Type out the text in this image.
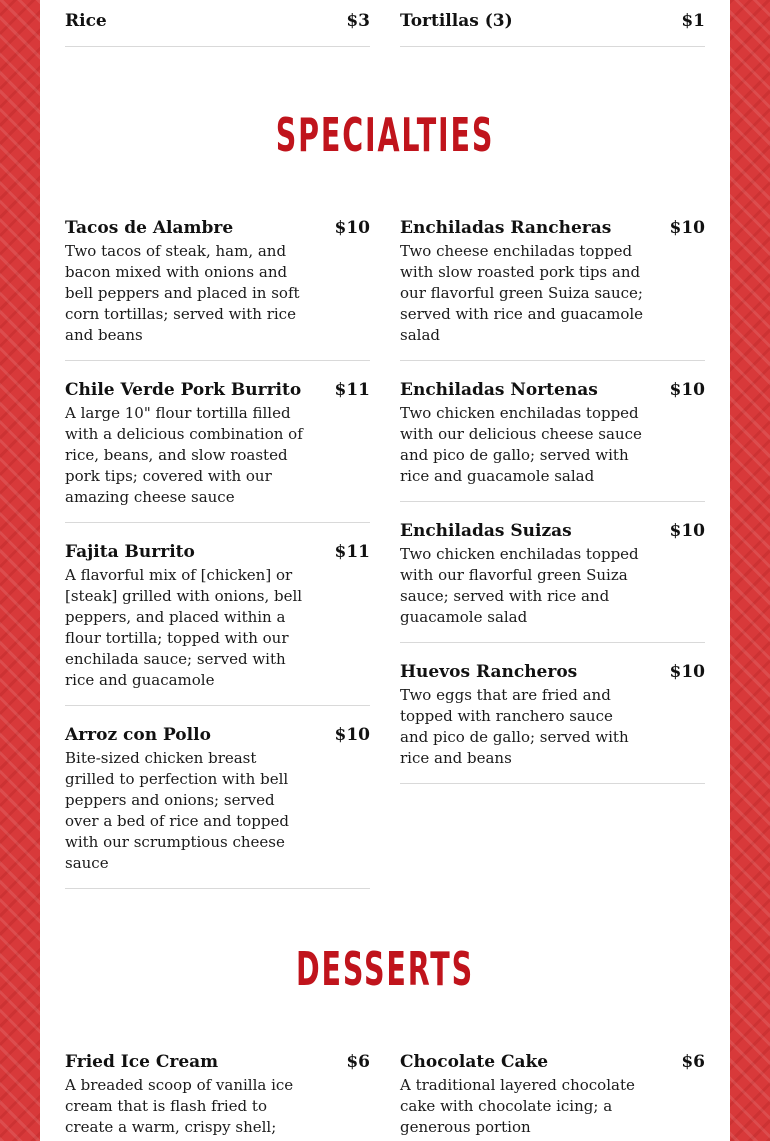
Rice	$3 Tortillas (3)	$1
SPECIALTIES
Tacos de Alambre	$10
Two tacos of steak, ham, and bacon mixed with onions and bell peppers and placed in soft corn tortillas; served with rice and beans
Chile Verde Pork Burrito	$11
A large 10" flour tortilla filled with a delicious combination of rice, beans, and slow roasted pork tips; covered with our amazing cheese sauce
Fajita Burrito	$11
A flavorful mix of [chicken] or [steak] grilled with onions, bell peppers, and placed within a flour tortilla; topped with our enchilada sauce; served with rice and guacamole
Arroz con Pollo	$10
Bite-sized chicken breast grilled to perfection with bell peppers and onions; served over a bed of rice and topped with our scrumptious cheese sauce
Enchiladas Rancheras	$10
Two cheese enchiladas topped with slow roasted pork tips and our flavorful green Suiza sauce; served with rice and guacamole salad
Enchiladas Nortenas	$10
Two chicken enchiladas topped with our delicious cheese sauce and pico de gallo; served with rice and guacamole salad
Enchiladas Suizas	$10
Two chicken enchiladas topped with our flavorful green Suiza sauce; served with rice and guacamole salad
Huevos Rancheros	$10
Two eggs that are fried and topped with ranchero sauce and pico de gallo; served with rice and beans
DESSERTS
Fried Ice Cream	$6
A breaded scoop of vanilla ice cream that is flash fried to create a warm, crispy shell;
Chocolate Cake	$6
A traditional layered chocolate cake with chocolate icing; a generous portion
